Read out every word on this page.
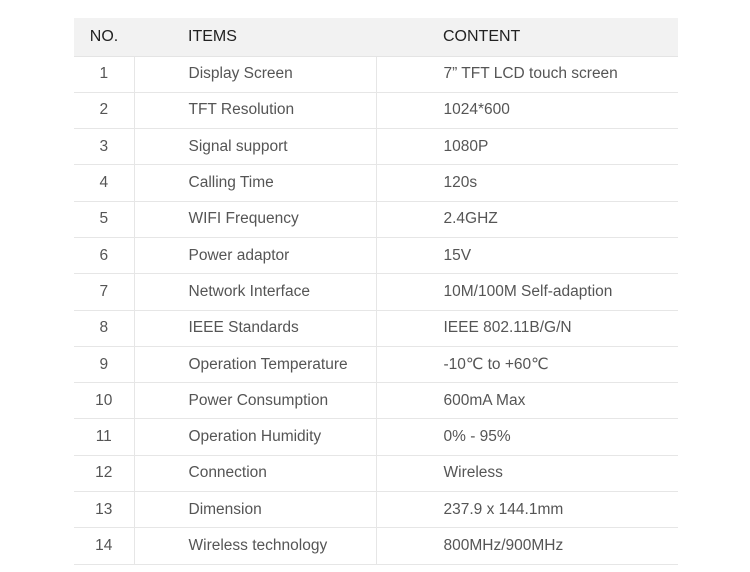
NO.	ITEMS	CONTENT
1	Display Screen	7” TFT LCD touch screen
2	TFT Resolution	1024*600
3	Signal support	1080P
4	Calling Time	120s
5	WIFI Frequency	2.4GHZ
6	Power adaptor	15V
7	Network Interface	10M/100M Self-adaption
8	IEEE Standards	IEEE 802.11B/G/N
9	Operation Temperature	-10℃ to +60℃
10	Power Consumption	600mA Max
11	Operation Humidity	0% - 95%
12	Connection	Wireless
13	Dimension	237.9 x 144.1mm
14	Wireless technology	800MHz/900MHz
